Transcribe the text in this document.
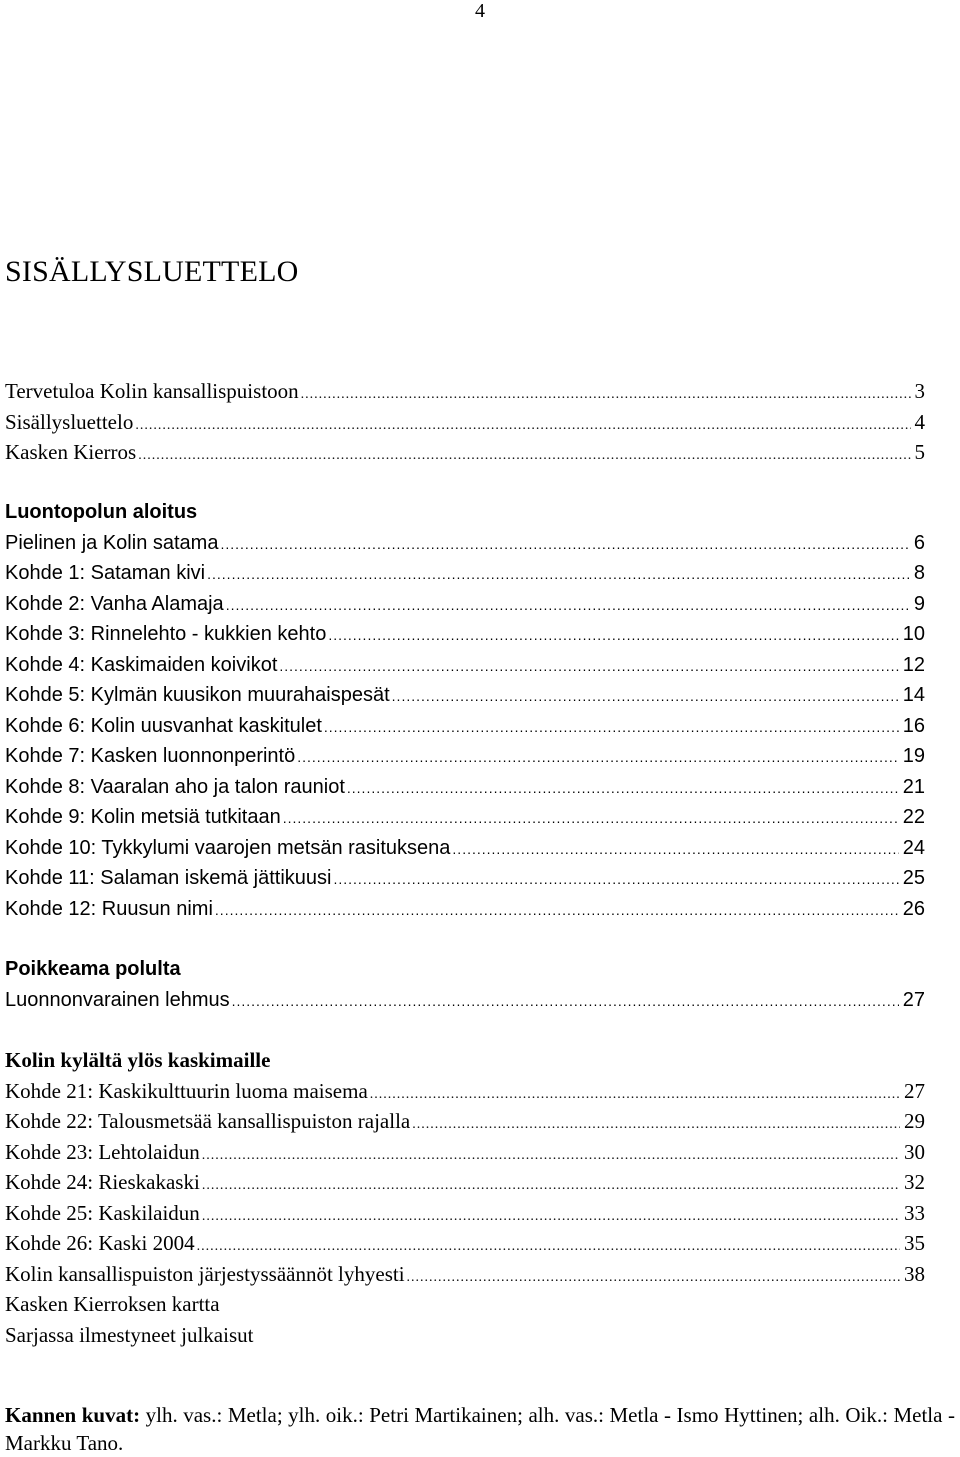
4
SISÄLLYSLUETTELO
Tervetuloa Kolin kansallispuistoon .....	3
Sisällysluettelo .....	4
Kasken Kierros .....	5
Luontopolun aloitus
Pielinen ja Kolin satama .....	6
Kohde 1: Sataman kivi .....	8
Kohde 2: Vanha Alamaja .....	9
Kohde 3: Rinnelehto - kukkien kehto .....	10
Kohde 4: Kaskimaiden koivikot .....	12
Kohde 5: Kylmän kuusikon muurahaispesät .....	14
Kohde 6: Kolin uusvanhat kaskitulet .....	16
Kohde 7: Kasken luonnonperintö .....	19
Kohde 8: Vaaralan aho ja talon rauniot .....	21
Kohde 9: Kolin metsiä tutkitaan .....	22
Kohde 10: Tykkylumi vaarojen metsän rasituksena .....	24
Kohde 11: Salaman iskemä jättikuusi .....	25
Kohde 12: Ruusun nimi .....	26
Poikkeama polulta
Luonnonvarainen lehmus .....	27
Kolin kylältä ylös kaskimaille
Kohde 21: Kaskikulttuurin luoma maisema .....	27
Kohde 22: Talousmetsää kansallispuiston rajalla .....	29
Kohde 23: Lehtolaidun .....	30
Kohde 24: Rieskakaski .....	32
Kohde 25: Kaskilaidun .....	33
Kohde 26: Kaski 2004 .....	35
Kolin kansallispuiston järjestyssäännöt lyhyesti .....	38
Kasken Kierroksen kartta
Sarjassa ilmestyneet julkaisut
Kannen kuvat: ylh. vas.: Metla; ylh. oik.: Petri Martikainen; alh. vas.: Metla - Ismo Hyttinen; alh. Oik.: Metla - Markku Tano.
